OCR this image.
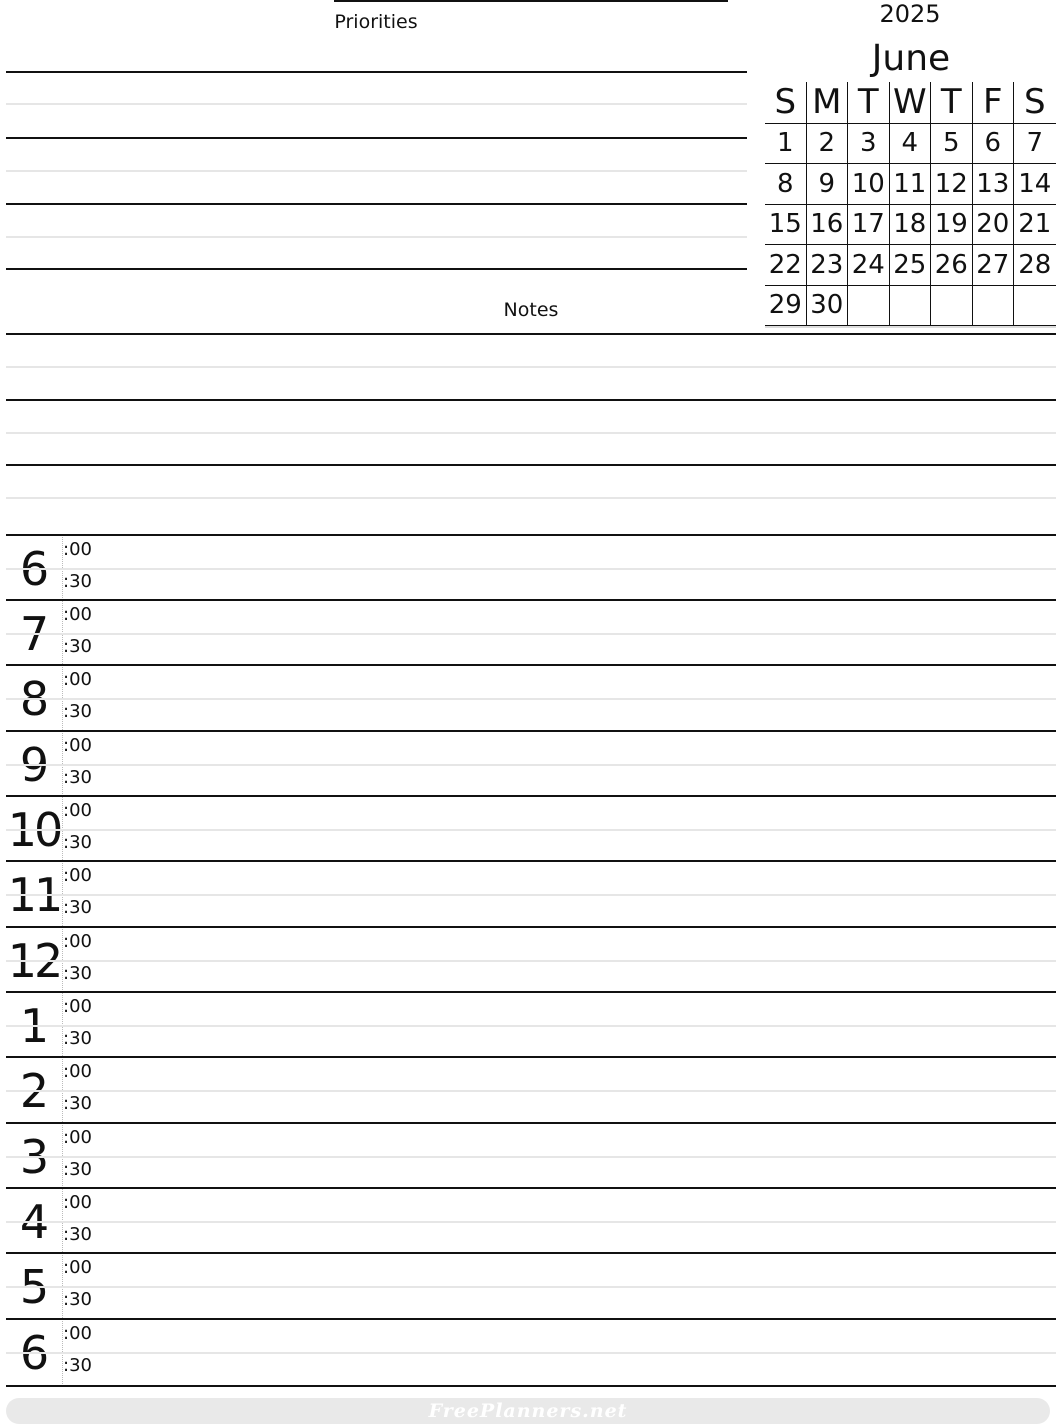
Priorities
Notes
2025
June
S M T W T F S
1 2 3 4 5 6 7
8 9 10 11 12 13 14
15 16 17 18 19 20 21
22 23 24 25 26 27 28
29 30
6 :00
:30
7 :00
:30
8 :00
:30
9 :00
:30
10 :00
:30
11 :00
:30
12 :00
:30
1 :00
:30
2 :00
:30
3 :00
:30
4 :00
:30
5 :00
:30
6 :00
:30
FreePlanners.net
